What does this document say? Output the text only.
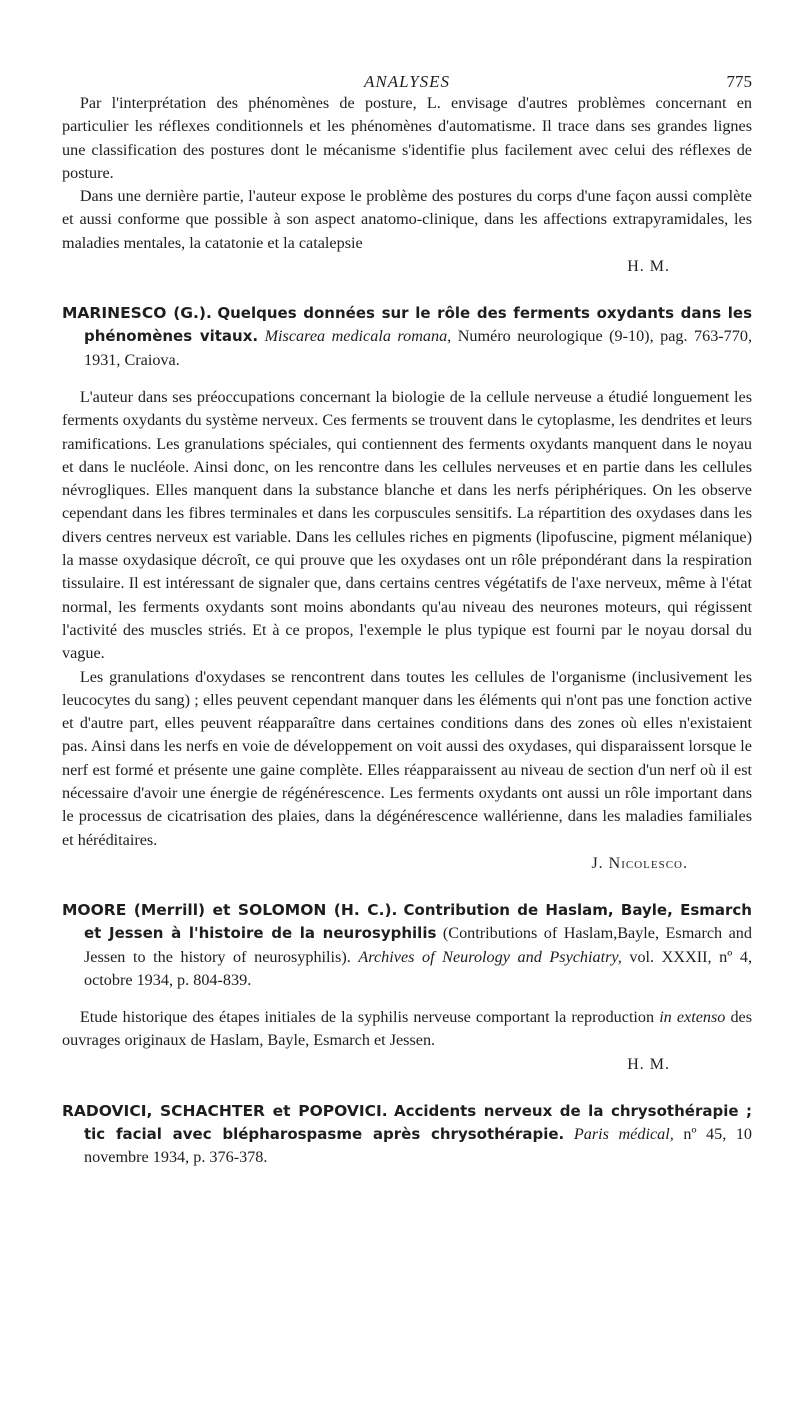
ANALYSES	775

Par l'interprétation des phénomènes de posture, L. envisage d'autres problèmes concernant en particulier les réflexes conditionnels et les phénomènes d'automatisme. Il trace dans ses grandes lignes une classification des postures dont le mécanisme s'identifie plus facilement avec celui des réflexes de posture.

Dans une dernière partie, l'auteur expose le problème des postures du corps d'une façon aussi complète et aussi conforme que possible à son aspect anatomo-clinique, dans les affections extrapyramidales, les maladies mentales, la catatonie et la catalepsie

H. M.
MARINESCO (G.). Quelques données sur le rôle des ferments oxydants dans les phénomènes vitaux. Miscarea medicala romana, Numéro neurologique (9-10), pag. 763-770, 1931, Craiova.

L'auteur dans ses préoccupations concernant la biologie de la cellule nerveuse a étudié longuement les ferments oxydants du système nerveux. Ces ferments se trouvent dans le cytoplasme, les dendrites et leurs ramifications. Les granulations spéciales, qui contiennent des ferments oxydants manquent dans le noyau et dans le nucléole. Ainsi donc, on les rencontre dans les cellules nerveuses et en partie dans les cellules névrogliques. Elles manquent dans la substance blanche et dans les nerfs périphériques. On les observe cependant dans les fibres terminales et dans les corpuscules sensitifs. La répartition des oxydases dans les divers centres nerveux est variable. Dans les cellules riches en pigments (lipofuscine, pigment mélanique) la masse oxydasique décroît, ce qui prouve que les oxydases ont un rôle prépondérant dans la respiration tissulaire. Il est intéressant de signaler que, dans certains centres végétatifs de l'axe nerveux, même à l'état normal, les ferments oxydants sont moins abondants qu'au niveau des neurones moteurs, qui régissent l'activité des muscles striés. Et à ce propos, l'exemple le plus typique est fourni par le noyau dorsal du vague.

Les granulations d'oxydases se rencontrent dans toutes les cellules de l'organisme (inclusivement les leucocytes du sang) ; elles peuvent cependant manquer dans les éléments qui n'ont pas une fonction active et d'autre part, elles peuvent réapparaître dans certaines conditions dans des zones où elles n'existaient pas. Ainsi dans les nerfs en voie de développement on voit aussi des oxydases, qui disparaissent lorsque le nerf est formé et présente une gaine complète. Elles réapparaissent au niveau de section d'un nerf où il est nécessaire d'avoir une énergie de régénérescence. Les ferments oxydants ont aussi un rôle important dans le processus de cicatrisation des plaies, dans la dégénérescence wallérienne, dans les maladies familiales et héréditaires.

J. Nicolesco.
MOORE (Merrill) et SOLOMON (H. C.). Contribution de Haslam, Bayle, Esmarch et Jessen à l'histoire de la neurosyphilis (Contributions of Haslam,Bayle, Esmarch and Jessen to the history of neurosyphilis). Archives of Neurology and Psychiatry, vol. XXXII, nº 4, octobre 1934, p. 804-839.

Etude historique des étapes initiales de la syphilis nerveuse comportant la reproduction in extenso des ouvrages originaux de Haslam, Bayle, Esmarch et Jessen.

H. M.
RADOVICI, SCHACHTER et POPOVICI. Accidents nerveux de la chrysothérapie ; tic facial avec blépharospasme après chrysothérapie. Paris médical, nº 45, 10 novembre 1934, p. 376-378.
